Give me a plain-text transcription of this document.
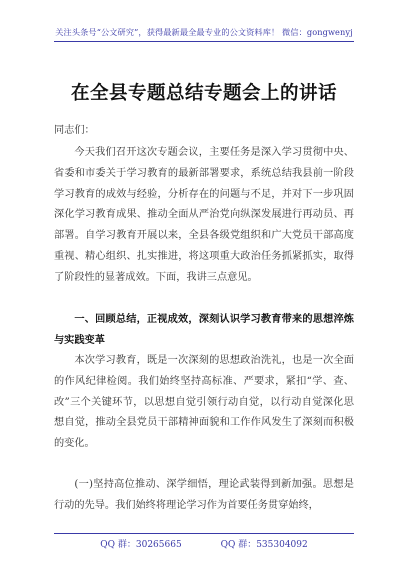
关注头条号“公文研究”，获得最新最全最专业的公文资料库！ 微信：gongwenyj
在全县专题总结专题会上的讲话
同志们：
今天我们召开这次专题会议，主要任务是深入学习贯彻中央、省委和市委关于学习教育的最新部署要求，系统总结我县前一阶段学习教育的成效与经验，分析存在的问题与不足，并对下一步巩固深化学习教育成果、推动全面从严治党向纵深发展进行再动员、再部署。自学习教育开展以来，全县各级党组织和广大党员干部高度重视、精心组织、扎实推进，将这项重大政治任务抓紧抓实，取得了阶段性的显著成效。下面，我讲三点意见。
一、回顾总结，正视成效，深刻认识学习教育带来的思想淬炼与实践变革
本次学习教育，既是一次深刻的思想政治洗礼，也是一次全面的作风纪律检阅。我们始终坚持高标准、严要求，紧扣“学、查、改”三个关键环节，以思想自觉引领行动自觉，以行动自觉深化思想自觉，推动全县党员干部精神面貌和工作作风发生了深刻而积极的变化。
(一)坚持高位推动、深学细悟，理论武装得到新加强。思想是行动的先导。我们始终将理论学习作为首要任务贯穿始终，
QQ 群：30265665	QQ 群：535304092
